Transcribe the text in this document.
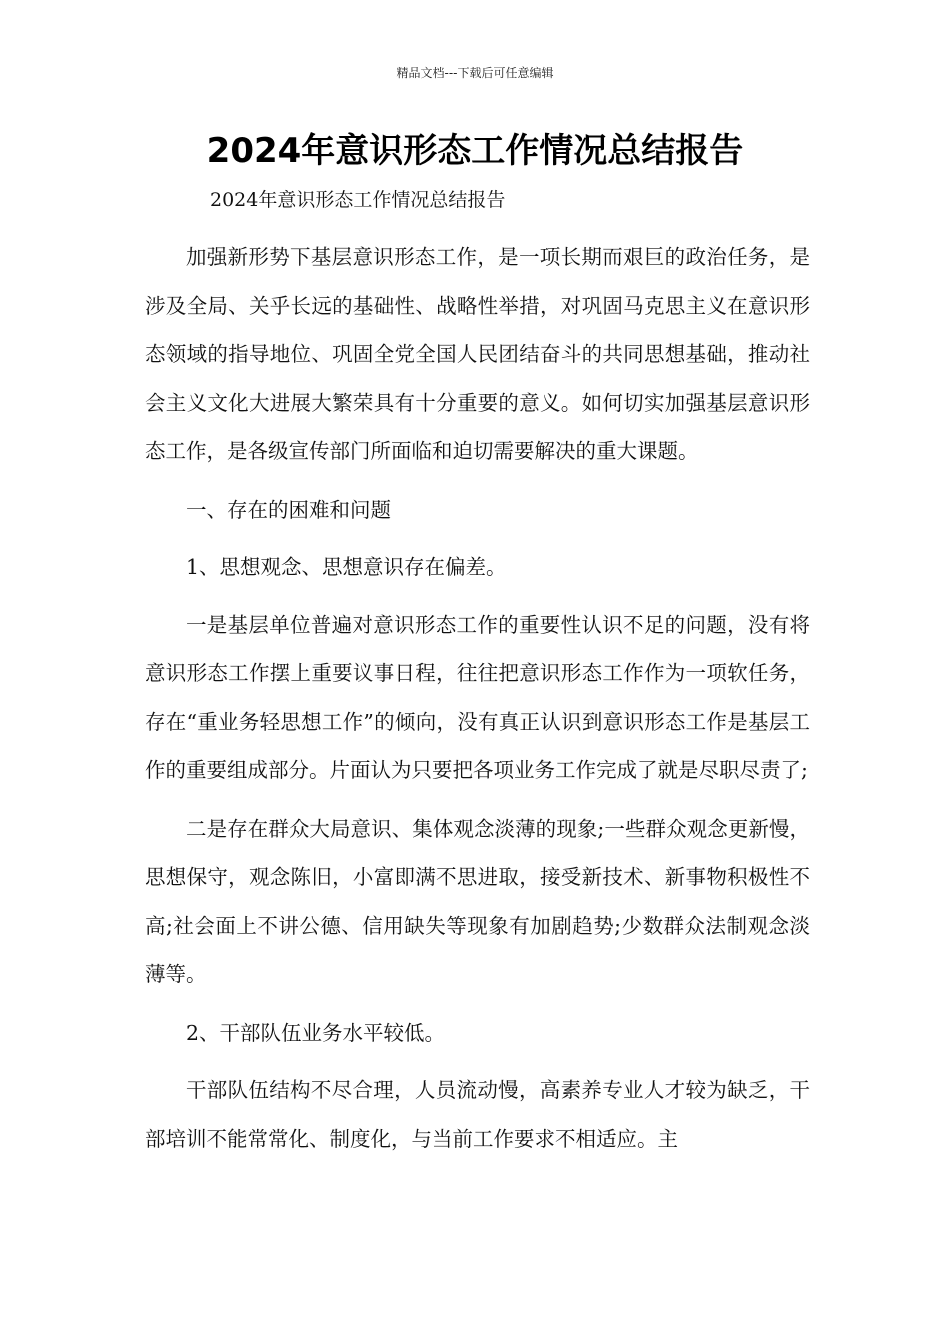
精品文档---下载后可任意编辑
2024年意识形态工作情况总结报告
2024年意识形态工作情况总结报告

加强新形势下基层意识形态工作，是一项长期而艰巨的政治任务，是涉及全局、关乎长远的基础性、战略性举措，对巩固马克思主义在意识形态领域的指导地位、巩固全党全国人民团结奋斗的共同思想基础，推动社会主义文化大进展大繁荣具有十分重要的意义。如何切实加强基层意识形态工作，是各级宣传部门所面临和迫切需要解决的重大课题。

一、存在的困难和问题

1、思想观念、思想意识存在偏差。

一是基层单位普遍对意识形态工作的重要性认识不足的问题，没有将意识形态工作摆上重要议事日程，往往把意识形态工作作为一项软任务，存在“重业务轻思想工作”的倾向，没有真正认识到意识形态工作是基层工作的重要组成部分。片面认为只要把各项业务工作完成了就是尽职尽责了;

二是存在群众大局意识、集体观念淡薄的现象;一些群众观念更新慢，思想保守，观念陈旧，小富即满不思进取，接受新技术、新事物积极性不高;社会面上不讲公德、信用缺失等现象有加剧趋势;少数群众法制观念淡薄等。

2、干部队伍业务水平较低。

干部队伍结构不尽合理，人员流动慢，高素养专业人才较为缺乏，干部培训不能常常化、制度化，与当前工作要求不相适应。主
